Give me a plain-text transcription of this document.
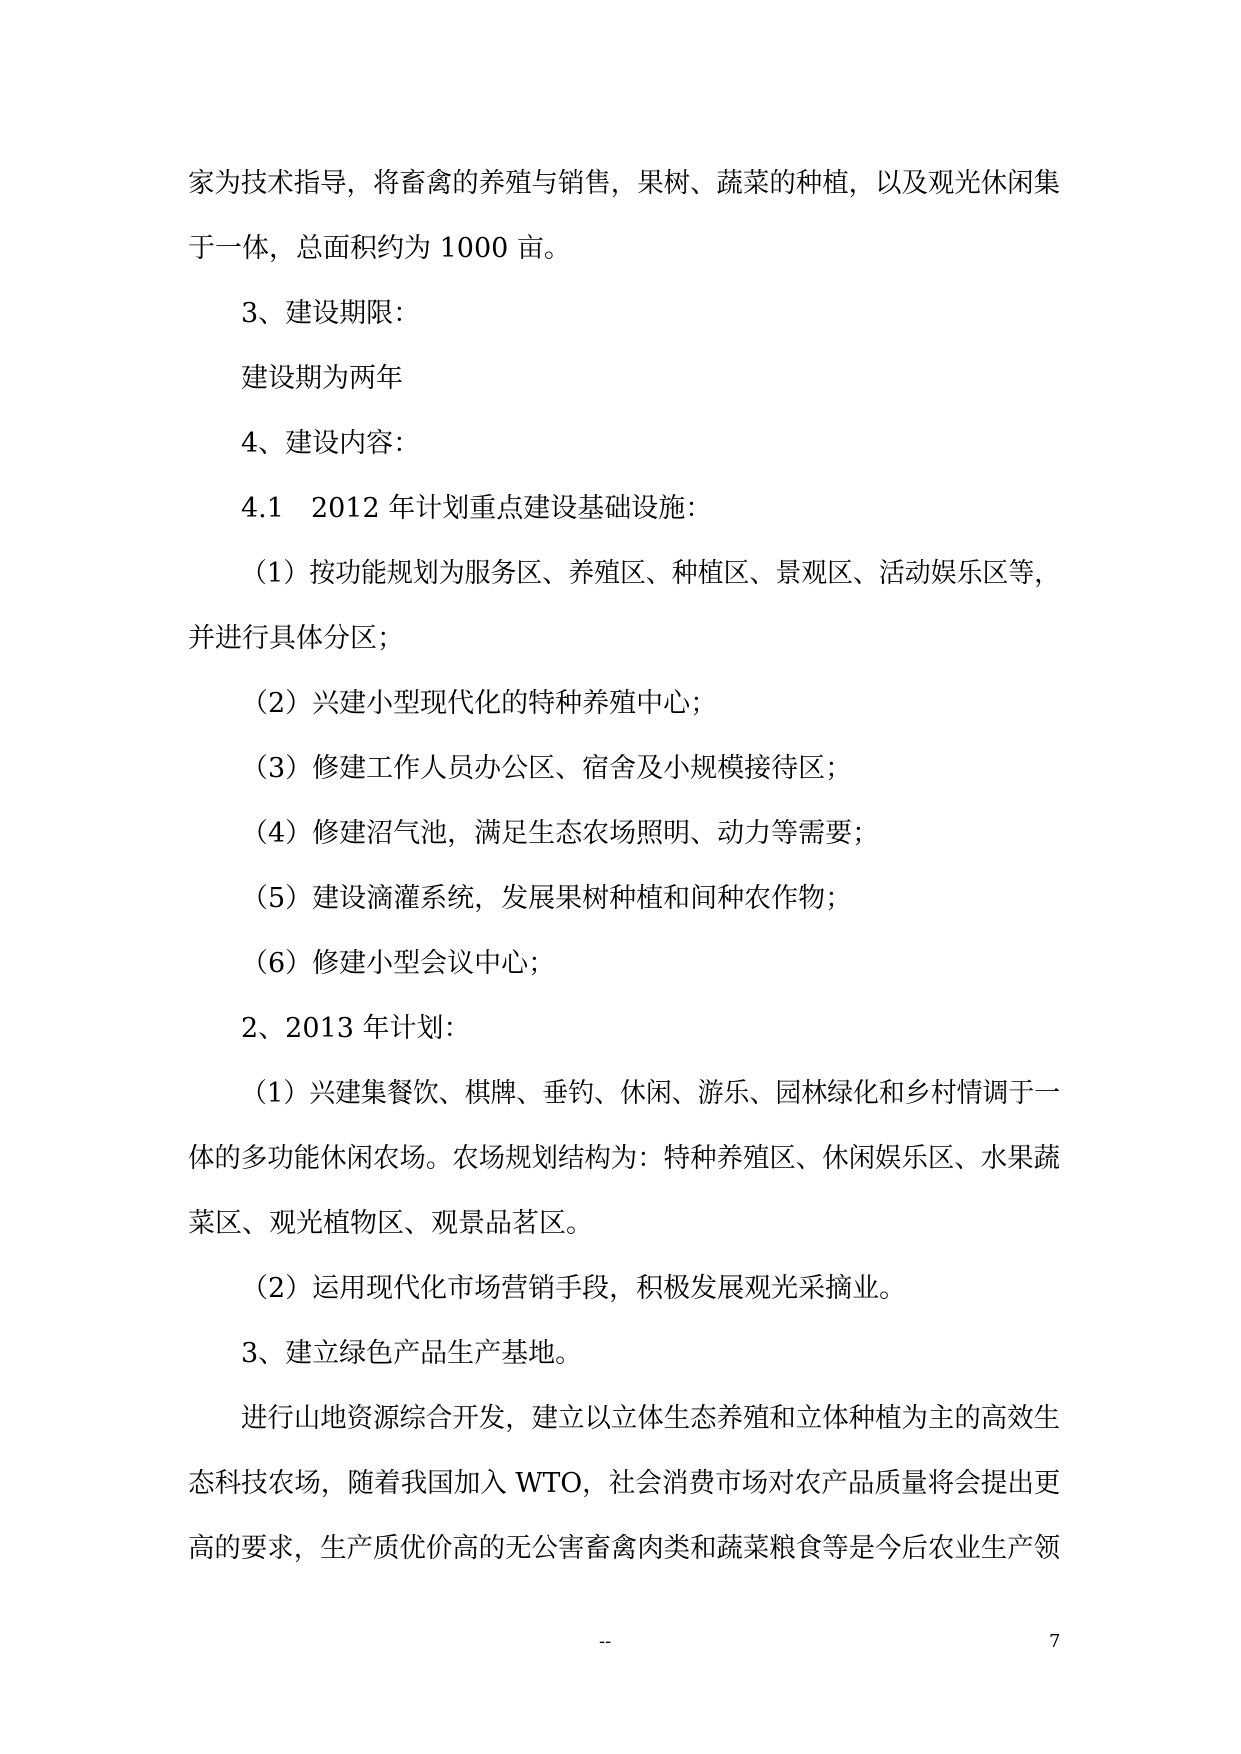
家为技术指导，将畜禽的养殖与销售，果树、蔬菜的种植，以及观光休闲集
于一体，总面积约为 1000 亩。
3、建设期限：
建设期为两年
4、建设内容：
4.1　2012 年计划重点建设基础设施：
（1）按功能规划为服务区、养殖区、种植区、景观区、活动娱乐区等，
并进行具体分区；
（2）兴建小型现代化的特种养殖中心；
（3）修建工作人员办公区、宿舍及小规模接待区；
（4）修建沼气池，满足生态农场照明、动力等需要；
（5）建设滴灌系统，发展果树种植和间种农作物；
（6）修建小型会议中心；
2、2013 年计划：
（1）兴建集餐饮、棋牌、垂钓、休闲、游乐、园林绿化和乡村情调于一
体的多功能休闲农场。农场规划结构为：特种养殖区、休闲娱乐区、水果蔬
菜区、观光植物区、观景品茗区。
（2）运用现代化市场营销手段，积极发展观光采摘业。
3、建立绿色产品生产基地。
进行山地资源综合开发，建立以立体生态养殖和立体种植为主的高效生
态科技农场，随着我国加入 WTO，社会消费市场对农产品质量将会提出更
高的要求，生产质优价高的无公害畜禽肉类和蔬菜粮食等是今后农业生产领
--	7
